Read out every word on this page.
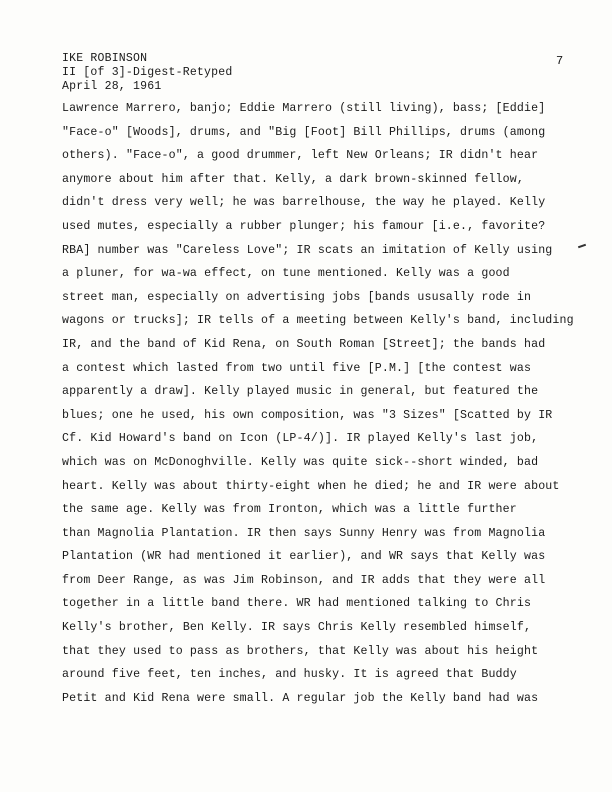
IKE ROBINSON
II [of 3]-Digest-Retyped
April 28, 1961
7
Lawrence Marrero, banjo; Eddie Marrero (still living), bass; [Eddie]
"Face-o" [Woods], drums, and "Big [Foot] Bill Phillips, drums (among
others). "Face-o", a good drummer, left New Orleans; IR didn't hear
anymore about him after that. Kelly, a dark brown-skinned fellow,
didn't dress very well; he was barrelhouse, the way he played. Kelly
used mutes, especially a rubber plunger; his famour [i.e., favorite?
RBA] number was "Careless Love"; IR scats an imitation of Kelly using
a pluner, for wa-wa effect, on tune mentioned. Kelly was a good
street man, especially on advertising jobs [bands ususally rode in
wagons or trucks]; IR tells of a meeting between Kelly's band, including
IR, and the band of Kid Rena, on South Roman [Street]; the bands had
a contest which lasted from two until five [P.M.] [the contest was
apparently a draw]. Kelly played music in general, but featured the
blues; one he used, his own composition, was "3 Sizes" [Scatted by IR
Cf. Kid Howard's band on Icon (LP-4/)]. IR played Kelly's last job,
which was on McDonoghville. Kelly was quite sick--short winded, bad
heart. Kelly was about thirty-eight when he died; he and IR were about
the same age. Kelly was from Ironton, which was a little further
than Magnolia Plantation. IR then says Sunny Henry was from Magnolia
Plantation (WR had mentioned it earlier), and WR says that Kelly was
from Deer Range, as was Jim Robinson, and IR adds that they were all
together in a little band there. WR had mentioned talking to Chris
Kelly's brother, Ben Kelly. IR says Chris Kelly resembled himself,
that they used to pass as brothers, that Kelly was about his height
around five feet, ten inches, and husky. It is agreed that Buddy
Petit and Kid Rena were small. A regular job the Kelly band had was
